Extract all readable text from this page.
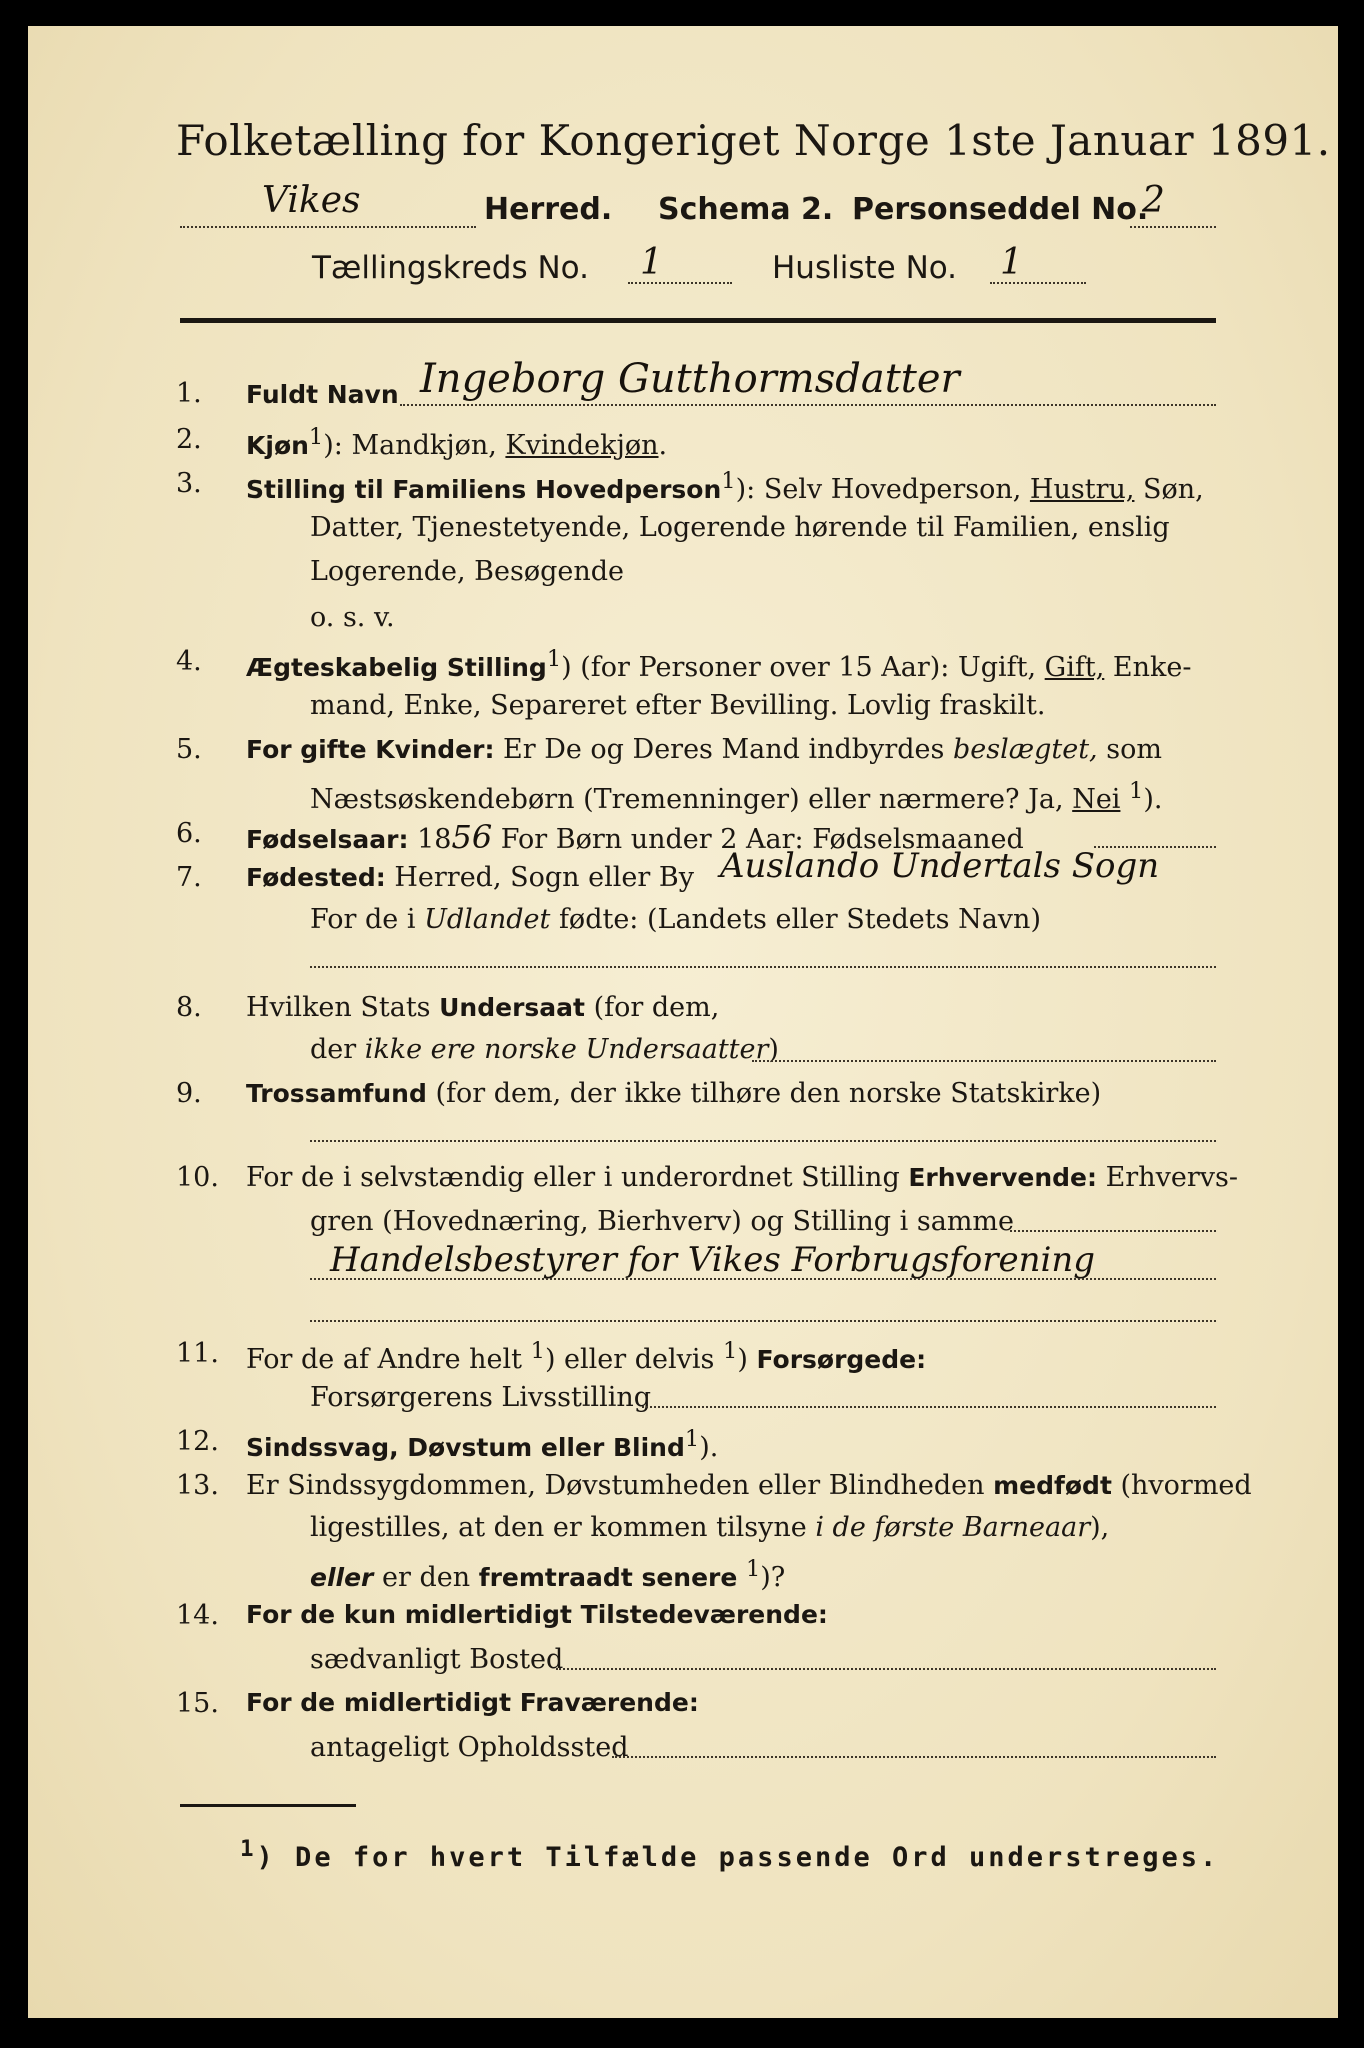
Folketælling for Kongeriget Norge 1ste Januar 1891.
Vikes	Herred. Schema 2. Personseddel No.
2
Tællingskreds No. 1	Husliste No. 1
1. Fuldt Navn Ingeborg Gutthormsdatter
2. Kjøn$^1$): Mandkjøn, Kvindekjøn.
3. Stilling til Familiens Hovedperson$^1$): Selv Hovedperson, Hustru, Søn,
Datter, Tjenestetyende, Logerende hørende til Familien, enslig
Logerende, Besøgende
o. s. v.
4. Ægteskabelig Stilling$^1$) (for Personer over 15 Aar): Ugift, Gift, Enke-
mand, Enke, Separeret efter Bevilling. Lovlig fraskilt.
5. For gifte Kvinder: Er De og Deres Mand indbyrdes beslægtet, som
Næstsøskendebørn (Tremenninger) eller nærmere? Ja, Nei $^1$).
6. Fødselsaar: 1856 For Børn under 2 Aar: Fødselsmaaned
7. Fødested: Herred, Sogn eller By Auslando Undertals Sogn
For de i Udlandet fødte: (Landets eller Stedets Navn)
8. Hvilken Stats Undersaat (for dem,
der ikke ere norske Undersaatter)
9. Trossamfund (for dem, der ikke tilhøre den norske Statskirke)
10. For de i selvstændig eller i underordnet Stilling Erhvervende: Erhvervs-
gren (Hovednæring, Bierhverv) og Stilling i samme
Handelsbestyrer for Vikes Forbrugsforening
11. For de af Andre helt $^1$) eller delvis $^1$) Forsørgede:
Forsørgerens Livsstilling
12. Sindssvag, Døvstum eller Blind$^1$).
13. Er Sindssygdommen, Døvstumheden eller Blindheden medfødt (hvormed
ligestilles, at den er kommen tilsyne i de første Barneaar),
eller er den fremtraadt senere $^1$)?
14. For de kun midlertidigt Tilstedeværende:
sædvanligt Bosted
15. For de midlertidigt Fraværende:
antageligt Opholdssted
$^1$) De for hvert Tilfælde passende Ord understreges.
